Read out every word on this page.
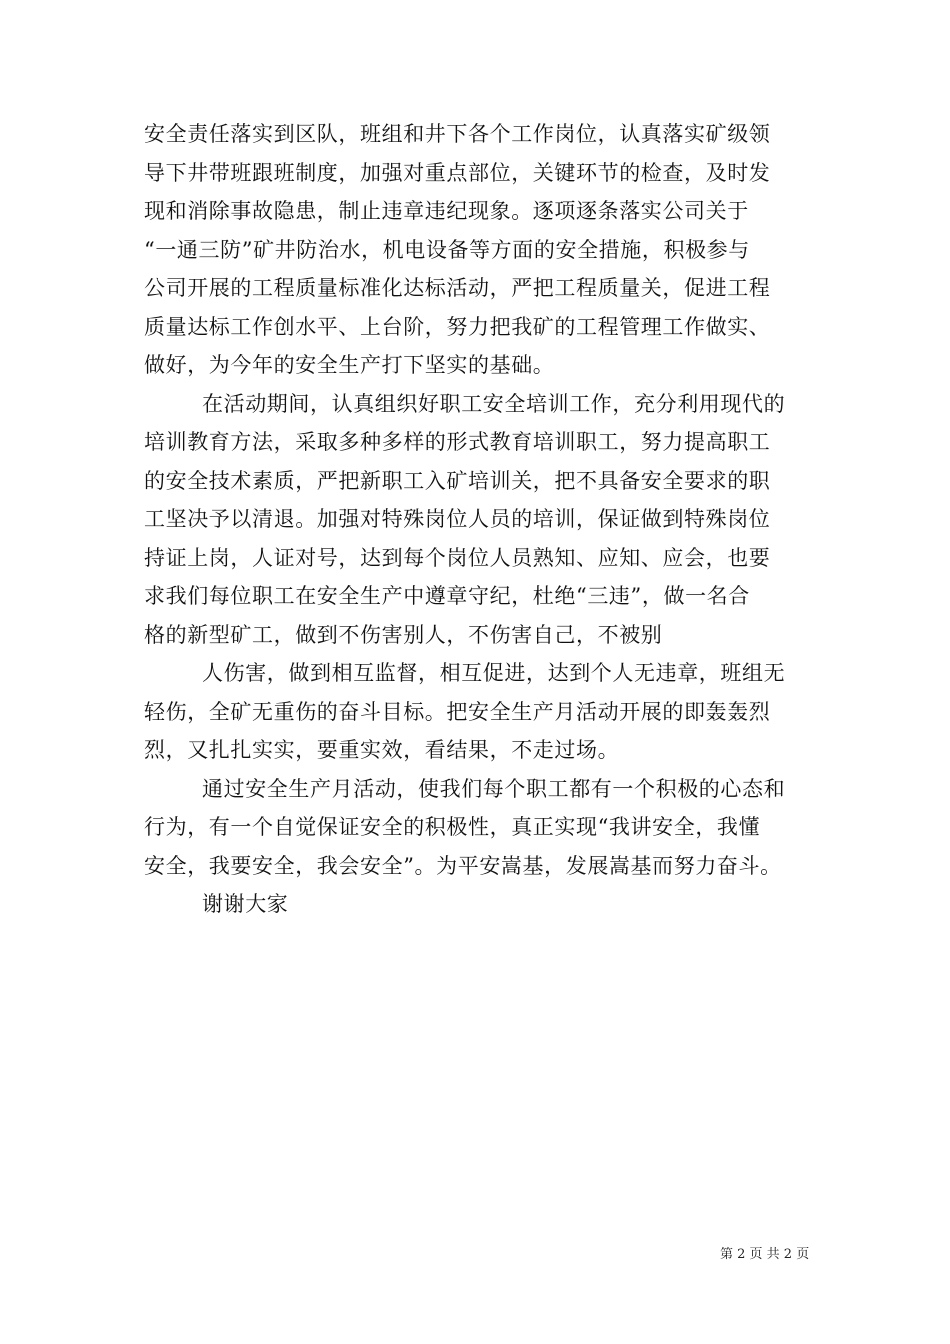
安全责任落实到区队，班组和井下各个工作岗位，认真落实矿级领
导下井带班跟班制度，加强对重点部位，关键环节的检查，及时发
现和消除事故隐患，制止违章违纪现象。逐项逐条落实公司关于
“一通三防”矿井防治水，机电设备等方面的安全措施，积极参与
公司开展的工程质量标准化达标活动，严把工程质量关，促进工程
质量达标工作创水平、上台阶，努力把我矿的工程管理工作做实、
做好，为今年的安全生产打下坚实的基础。
在活动期间，认真组织好职工安全培训工作，充分利用现代的
培训教育方法，采取多种多样的形式教育培训职工，努力提高职工
的安全技术素质，严把新职工入矿培训关，把不具备安全要求的职
工坚决予以清退。加强对特殊岗位人员的培训，保证做到特殊岗位
持证上岗，人证对号，达到每个岗位人员熟知、应知、应会，也要
求我们每位职工在安全生产中遵章守纪，杜绝“三违”，做一名合
格的新型矿工，做到不伤害别人，不伤害自己，不被别
人伤害，做到相互监督，相互促进，达到个人无违章，班组无
轻伤，全矿无重伤的奋斗目标。把安全生产月活动开展的即轰轰烈
烈，又扎扎实实，要重实效，看结果，不走过场。
通过安全生产月活动，使我们每个职工都有一个积极的心态和
行为，有一个自觉保证安全的积极性，真正实现“我讲安全，我懂
安全，我要安全，我会安全”。为平安嵩基，发展嵩基而努力奋斗。
谢谢大家
第 2 页 共 2 页
